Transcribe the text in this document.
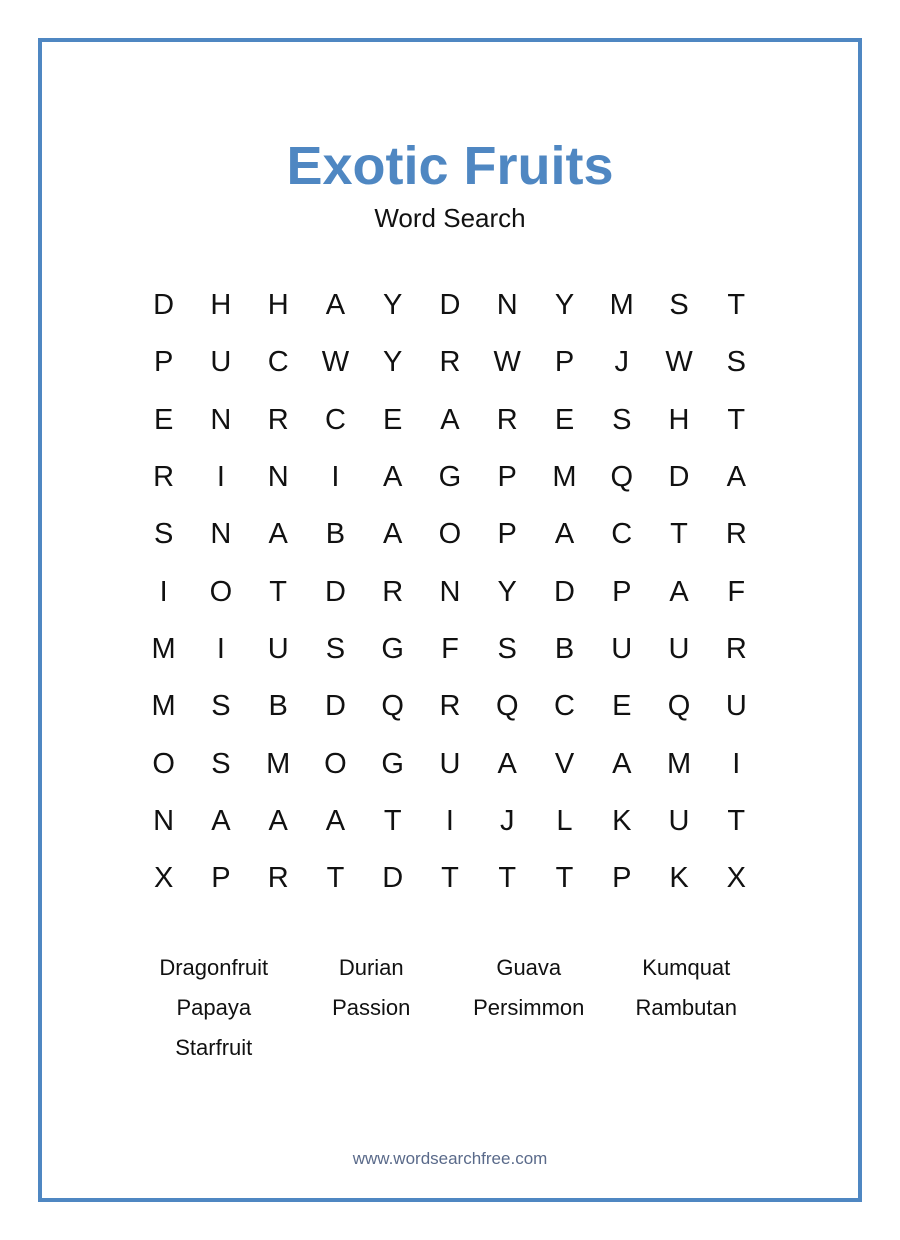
Exotic Fruits
Word Search
D	H	H	A	Y	D	N	Y	M	S	T
P	U	C	W	Y	R	W	P	J	W	S
E	N	R	C	E	A	R	E	S	H	T
R	I	N	I	A	G	P	M	Q	D	A
S	N	A	B	A	O	P	A	C	T	R
I	O	T	D	R	N	Y	D	P	A	F
M	I	U	S	G	F	S	B	U	U	R
M	S	B	D	Q	R	Q	C	E	Q	U
O	S	M	O	G	U	A	V	A	M	I
N	A	A	A	T	I	J	L	K	U	T
X	P	R	T	D	T	T	T	P	K	X
Dragonfruit	Durian	Guava	Kumquat
Papaya	Passion	Persimmon	Rambutan
Starfruit
www.wordsearchfree.com
